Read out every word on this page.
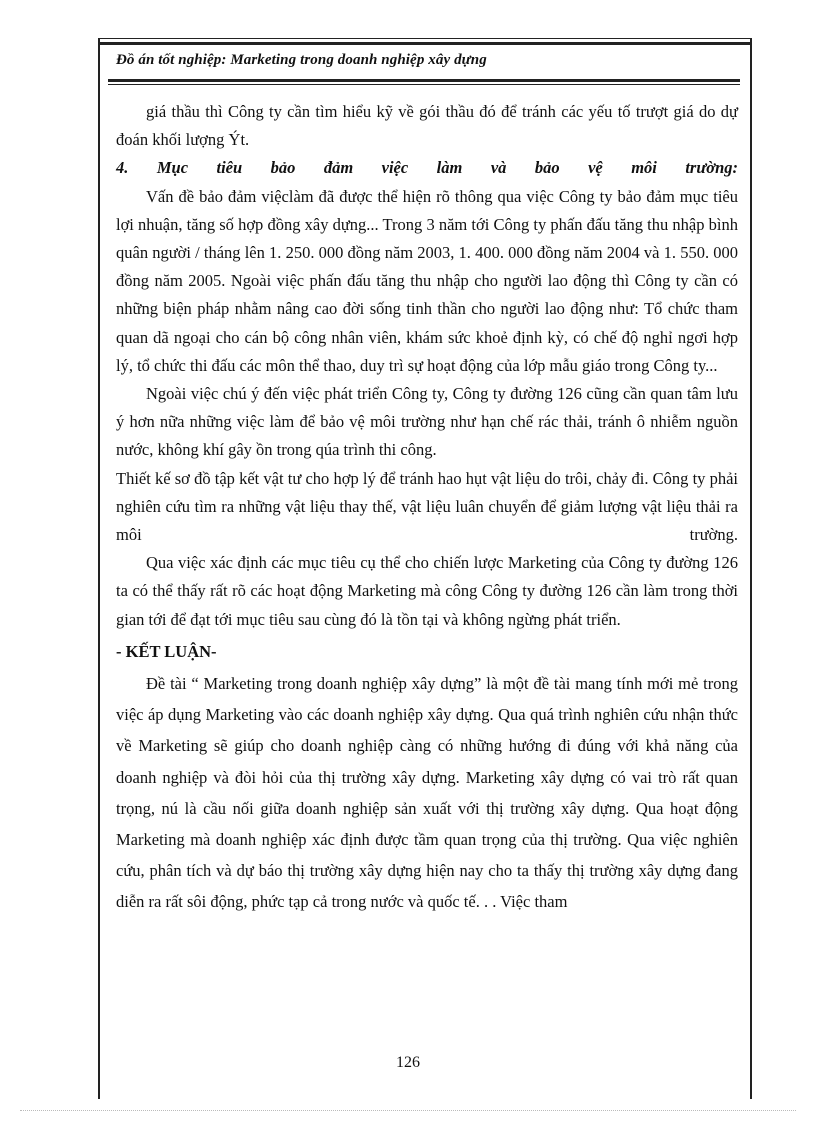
Đồ án tốt nghiệp: Marketing trong doanh nghiệp xây dựng

giá thầu thì Công ty cần tìm hiểu kỹ về gói thầu đó để tránh các yếu tố trượt giá do dự đoán khối lượng Ýt.

4. Mục tiêu bảo đảm việc làm và bảo vệ môi trường:

Vấn đề bảo đảm việclàm đã được thể hiện rõ thông qua việc Công ty bảo đảm mục tiêu lợi nhuận, tăng số hợp đồng xây dựng... Trong 3 năm tới Công ty phấn đấu tăng thu nhập bình quân người / tháng lên 1. 250. 000 đồng năm 2003, 1. 400. 000 đồng năm 2004 và 1. 550. 000 đồng năm 2005. Ngoài việc phấn đấu tăng thu nhập cho người lao động thì Công ty cần có những biện pháp nhằm nâng cao đời sống tinh thần cho người lao động như: Tổ chức tham quan dã ngoại cho cán bộ công nhân viên, khám sức khoẻ định kỳ, có chế độ nghỉ ngơi hợp lý, tổ chức thi đấu các môn thể thao, duy trì sự hoạt động của lớp mẫu giáo trong Công ty...

Ngoài việc chú ý đến việc phát triển Công ty, Công ty đường 126 cũng cần quan tâm lưu ý hơn nữa những việc làm để bảo vệ môi trường như hạn chế rác thải, tránh ô nhiễm nguồn nước, không khí gây ồn trong qúa trình thi công.

Thiết kế sơ đồ tập kết vật tư cho hợp lý để tránh hao hụt vật liệu do trôi, chảy đi. Công ty phải nghiên cứu tìm ra những vật liệu thay thế, vật liệu luân chuyển để giảm lượng vật liệu thải ra môi trường.

Qua việc xác định các mục tiêu cụ thể cho chiến lược Marketing của Công ty đường 126 ta có thể thấy rất rõ các hoạt động Marketing mà công Công ty đường 126 cần làm trong thời gian tới để đạt tới mục tiêu sau cùng đó là tồn tại và không ngừng phát triển.

- KẾT LUẬN-

Đề tài “ Marketing trong doanh nghiệp xây dựng” là một đề tài mang tính mới mẻ trong việc áp dụng Marketing vào các doanh nghiệp xây dựng. Qua quá trình nghiên cứu nhận thức về Marketing sẽ giúp cho doanh nghiệp càng có những hướng đi đúng với khả năng của doanh nghiệp và đòi hỏi của thị trường xây dựng. Marketing xây dựng có vai trò rất quan trọng, nú là cầu nối giữa doanh nghiệp sản xuất với thị trường xây dựng. Qua hoạt động Marketing mà doanh nghiệp xác định được tầm quan trọng của thị trường. Qua việc nghiên cứu, phân tích và dự báo thị trường xây dựng hiện nay cho ta thấy thị trường xây dựng đang diễn ra rất sôi động, phức tạp cả trong nước và quốc tế. . . Việc tham

126
